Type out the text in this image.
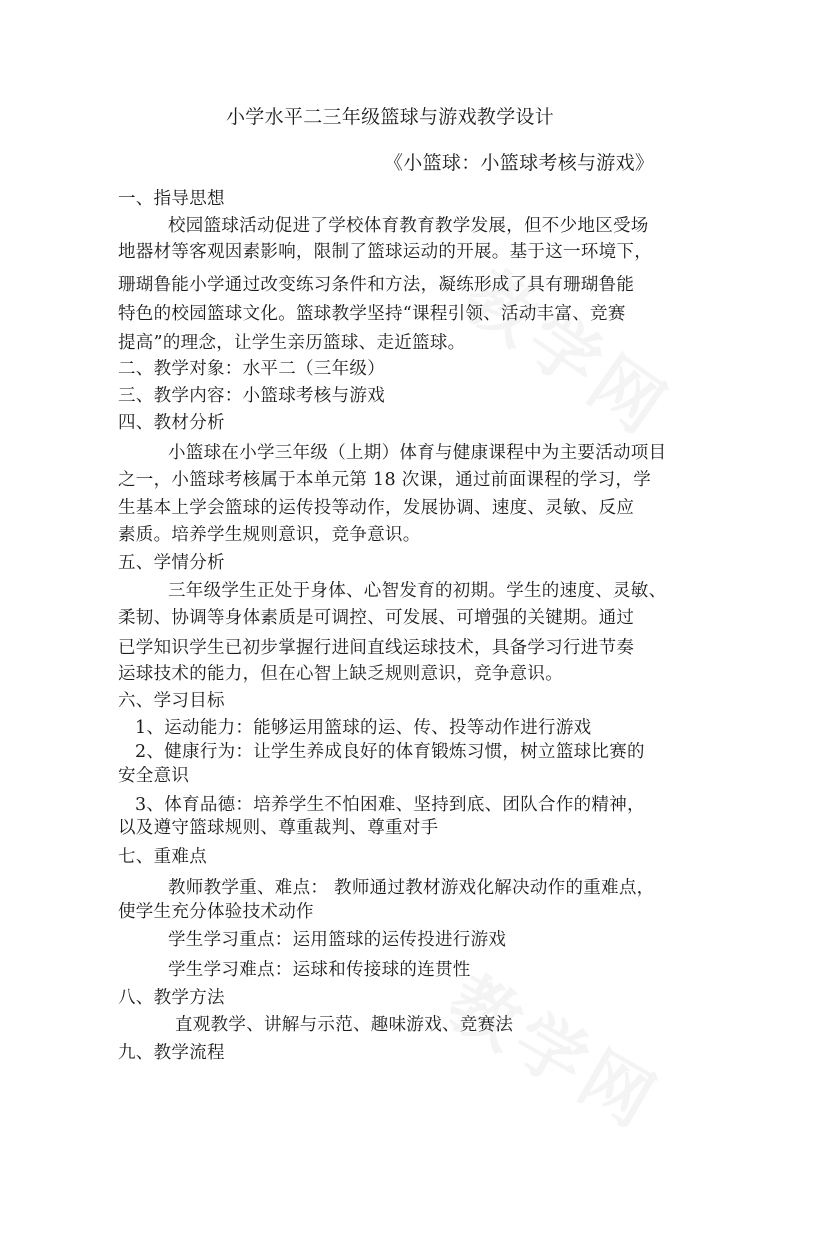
小学水平二三年级篮球与游戏教学设计
《小篮球：小篮球考核与游戏》
一、指导思想
校园篮球活动促进了学校体育教育教学发展，但不少地区受场
地器材等客观因素影响，限制了篮球运动的开展。基于这一环境下，
珊瑚鲁能小学通过改变练习条件和方法，凝练形成了具有珊瑚鲁能
特色的校园篮球文化。篮球教学坚持“课程引领、活动丰富、竞赛
提高”的理念，让学生亲历篮球、走近篮球。
二、教学对象：水平二（三年级）
三、教学内容：小篮球考核与游戏
四、教材分析
小篮球在小学三年级（上期）体育与健康课程中为主要活动项目
之一，小篮球考核属于本单元第 18 次课，通过前面课程的学习，学
生基本上学会篮球的运传投等动作，发展协调、速度、灵敏、反应
素质。培养学生规则意识，竞争意识。
五、学情分析
三年级学生正处于身体、心智发育的初期。学生的速度、灵敏、
柔韧、协调等身体素质是可调控、可发展、可增强的关键期。通过
已学知识学生已初步掌握行进间直线运球技术，具备学习行进节奏
运球技术的能力，但在心智上缺乏规则意识，竞争意识。
六、学习目标
1、运动能力：能够运用篮球的运、传、投等动作进行游戏
2、健康行为：让学生养成良好的体育锻炼习惯，树立篮球比赛的
安全意识
3、体育品德：培养学生不怕困难、坚持到底、团队合作的精神，
以及遵守篮球规则、尊重裁判、尊重对手
七、重难点
教师教学重、难点： 教师通过教材游戏化解决动作的重难点，
使学生充分体验技术动作
学生学习重点：运用篮球的运传投进行游戏
学生学习难点：运球和传接球的连贯性
八、教学方法
直观教学、讲解与示范、趣味游戏、竞赛法
九、教学流程
